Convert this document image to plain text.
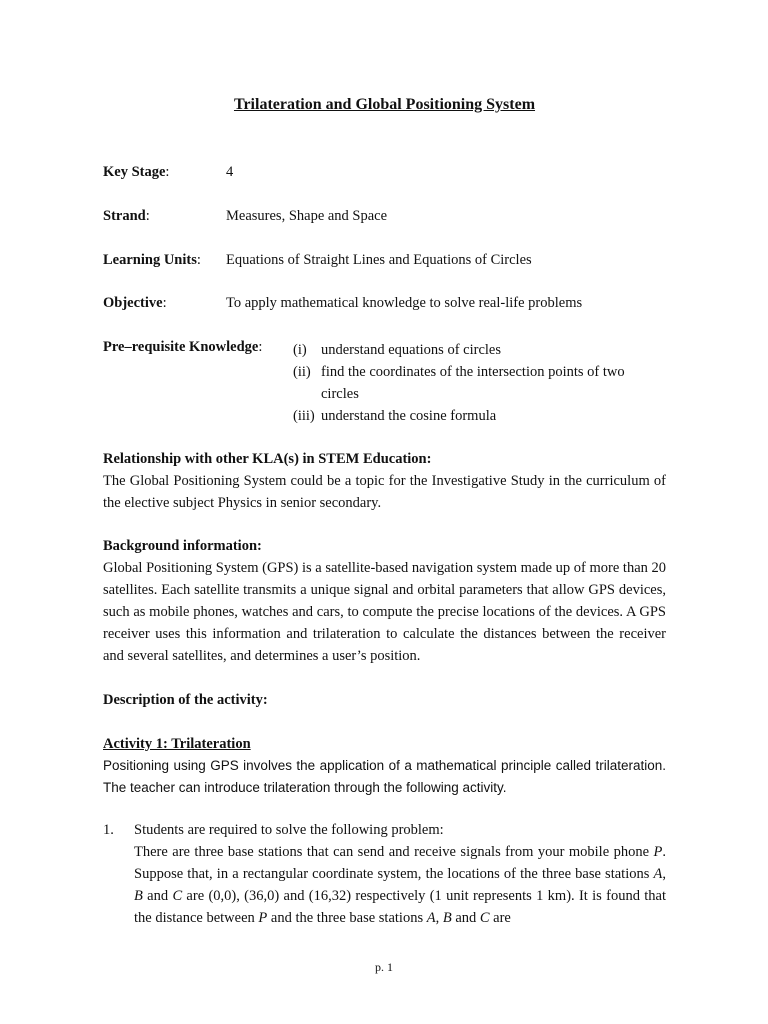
Trilateration and Global Positioning System
Key Stage:	4
Strand:	Measures, Shape and Space
Learning Units: Equations of Straight Lines and Equations of Circles
Objective:	To apply mathematical knowledge to solve real-life problems
Pre–requisite Knowledge: (i) understand equations of circles
(ii) find the coordinates of the intersection points of two
circles
(iii) understand the cosine formula
Relationship with other KLA(s) in STEM Education:
The Global Positioning System could be a topic for the Investigative Study in the curriculum of the elective subject Physics in senior secondary.
Background information:
Global Positioning System (GPS) is a satellite-based navigation system made up of more than 20 satellites. Each satellite transmits a unique signal and orbital parameters that allow GPS devices, such as mobile phones, watches and cars, to compute the precise locations of the devices. A GPS receiver uses this information and trilateration to calculate the distances between the receiver and several satellites, and determines a user’s position.
Description of the activity:
Activity 1: Trilateration
Positioning using GPS involves the application of a mathematical principle called trilateration. The teacher can introduce trilateration through the following activity.
1. Students are required to solve the following problem:
There are three base stations that can send and receive signals from your mobile phone P. Suppose that, in a rectangular coordinate system, the locations of the three base stations A, B and C are (0,0), (36,0) and (16,32) respectively (1 unit represents 1 km). It is found that the distance between P and the three base stations A, B and C are
p. 1
